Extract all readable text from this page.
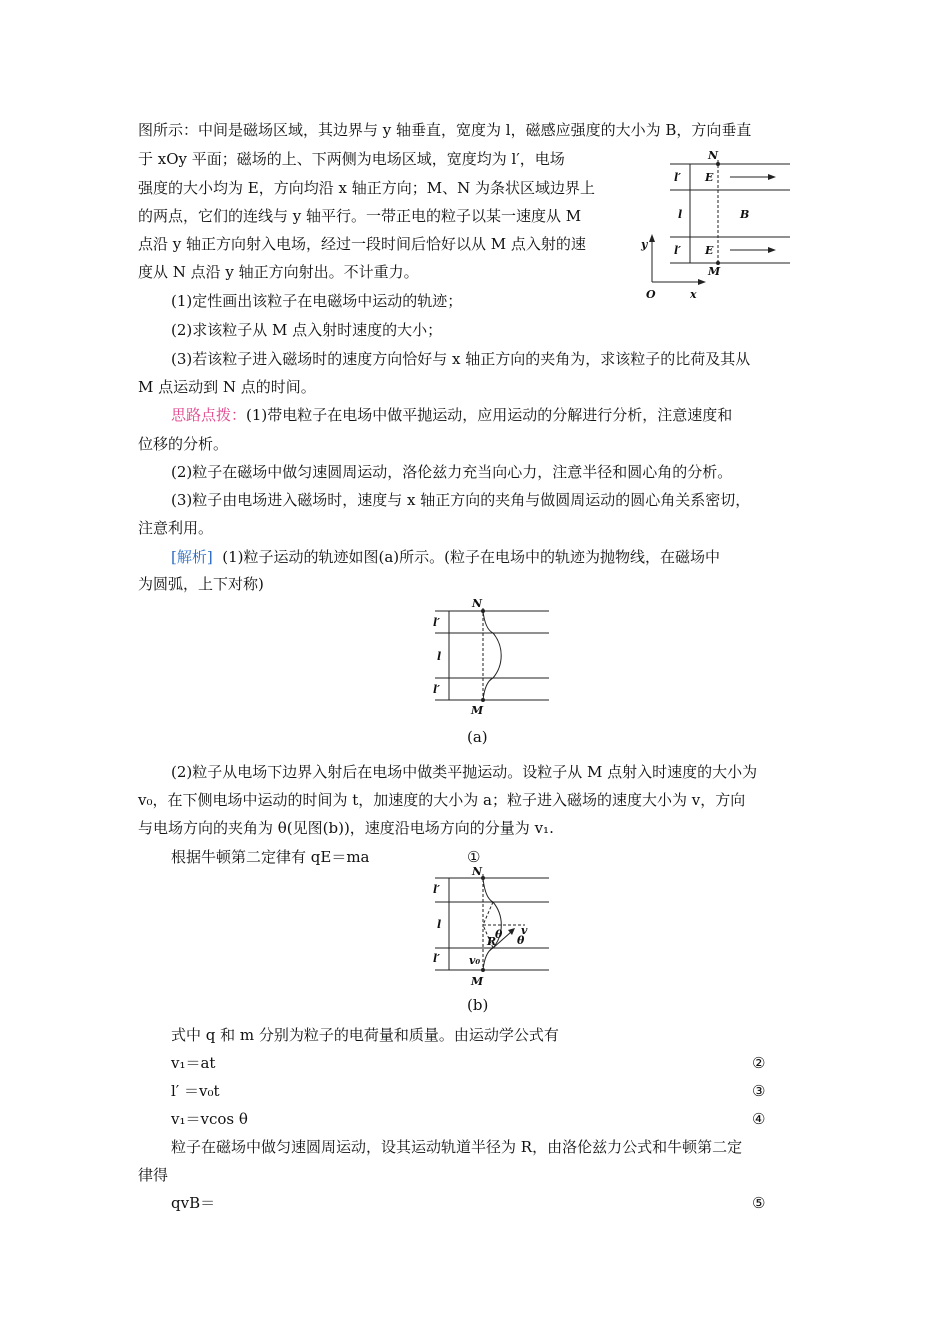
图所示：中间是磁场区域，其边界与 y 轴垂直，宽度为 l，磁感应强度的大小为 B，方向垂直
于 xOy 平面；磁场的上、下两侧为电场区域，宽度均为 l′，电场
强度的大小均为 E，方向均沿 x 轴正方向；M、N 为条状区域边界上
的两点，它们的连线与 y 轴平行。一带正电的粒子以某一速度从 M
点沿 y 轴正方向射入电场，经过一段时间后恰好以从 M 点入射的速
度从 N 点沿 y 轴正方向射出。不计重力。
(1)定性画出该粒子在电磁场中运动的轨迹；
(2)求该粒子从 M 点入射时速度的大小；
(3)若该粒子进入磁场时的速度方向恰好与 x 轴正方向的夹角为，求该粒子的比荷及其从
M 点运动到 N 点的时间。
思路点拨：(1)带电粒子在电场中做平抛运动，应用运动的分解进行分析，注意速度和
位移的分析。
(2)粒子在磁场中做匀速圆周运动，洛伦兹力充当向心力，注意半径和圆心角的分析。
(3)粒子由电场进入磁场时，速度与 x 轴正方向的夹角与做圆周运动的圆心角关系密切，
注意利用。
[解析] (1)粒子运动的轨迹如图(a)所示。(粒子在电场中的轨迹为抛物线，在磁场中
为圆弧，上下对称)
(a)
(2)粒子从电场下边界入射后在电场中做类平抛运动。设粒子从 M 点射入时速度的大小为
v₀，在下侧电场中运动的时间为 t，加速度的大小为 a；粒子进入磁场的速度大小为 v，方向
与电场方向的夹角为 θ(见图(b))，速度沿电场方向的分量为 v₁.
根据牛顿第二定律有 qE＝ma	①
(b)
式中 q 和 m 分别为粒子的电荷量和质量。由运动学公式有
v₁＝at	②
l′ ＝v₀t	③
v₁＝vcos θ	④
粒子在磁场中做匀速圆周运动，设其运动轨道半径为 R，由洛伦兹力公式和牛顿第二定
律得
qvB＝	⑤
N
M
E
E
B
l′
l
l′
y
O	x
N
M
l′
l
l′
N
M
l′
l
l′
θ θ
R
v
v₀
